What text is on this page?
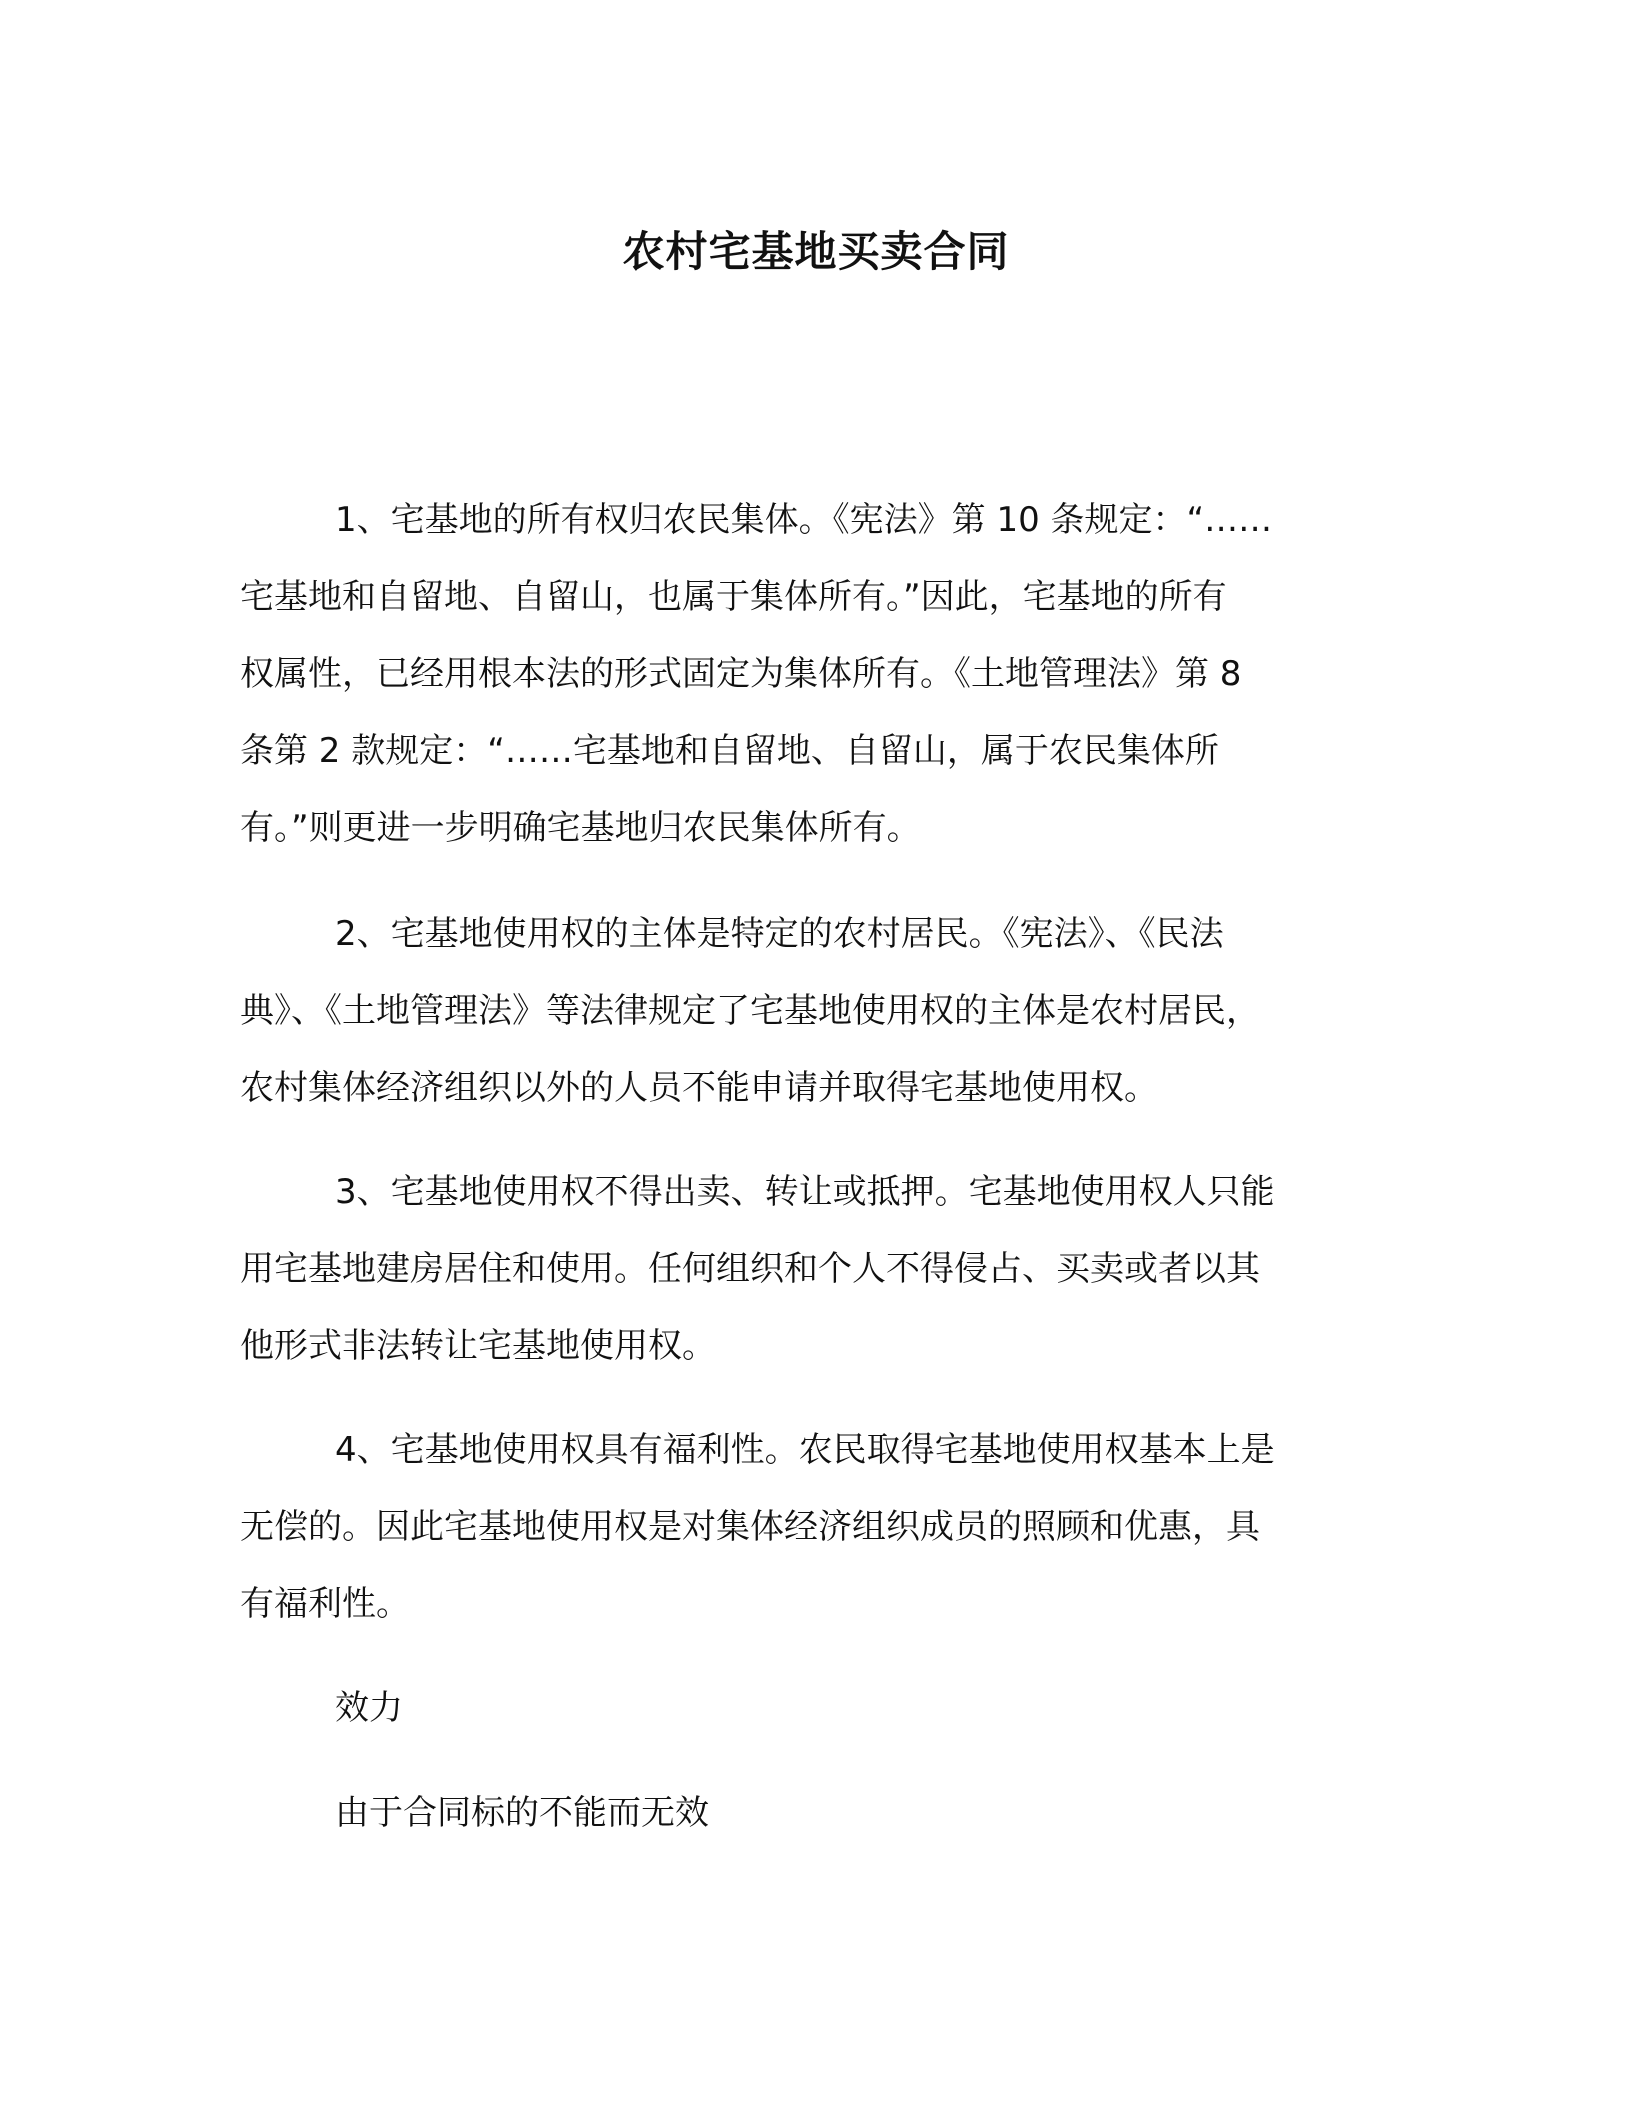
农村宅基地买卖合同

1、宅基地的所有权归农民集体。《宪法》第 10 条规定：“……
宅基地和自留地、自留山，也属于集体所有。”因此，宅基地的所有
权属性，已经用根本法的形式固定为集体所有。《土地管理法》第 8
条第 2 款规定：“……宅基地和自留地、自留山，属于农民集体所
有。”则更进一步明确宅基地归农民集体所有。

2、宅基地使用权的主体是特定的农村居民。《宪法》、《民法
典》、《土地管理法》等法律规定了宅基地使用权的主体是农村居民，
农村集体经济组织以外的人员不能申请并取得宅基地使用权。

3、宅基地使用权不得出卖、转让或抵押。宅基地使用权人只能
用宅基地建房居住和使用。任何组织和个人不得侵占、买卖或者以其
他形式非法转让宅基地使用权。

4、宅基地使用权具有福利性。农民取得宅基地使用权基本上是
无偿的。因此宅基地使用权是对集体经济组织成员的照顾和优惠，具
有福利性。

效力
由于合同标的不能而无效
